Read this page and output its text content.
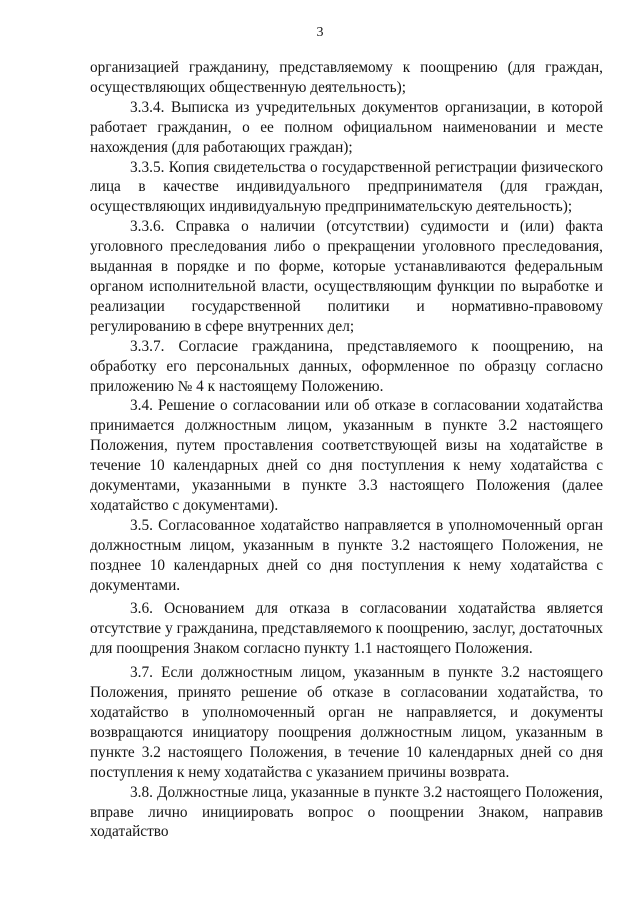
3

организацией гражданину, представляемому к поощрению (для граждан, осуществляющих общественную деятельность);

3.3.4. Выписка из учредительных документов организации, в которой работает гражданин, о ее полном официальном наименовании и месте нахождения (для работающих граждан);

3.3.5. Копия свидетельства о государственной регистрации физического лица в качестве индивидуального предпринимателя (для граждан, осуществляющих индивидуальную предпринимательскую деятельность);

3.3.6. Справка о наличии (отсутствии) судимости и (или) факта уголовного преследования либо о прекращении уголовного преследования, выданная в порядке и по форме, которые устанавливаются федеральным органом исполнительной власти, осуществляющим функции по выработке и реализации государственной политики и нормативно-правовому регулированию в сфере внутренних дел;

3.3.7. Согласие гражданина, представляемого к поощрению, на обработку его персональных данных, оформленное по образцу согласно приложению № 4 к настоящему Положению.

3.4. Решение о согласовании или об отказе в согласовании ходатайства принимается должностным лицом, указанным в пункте 3.2 настоящего Положения, путем проставления соответствующей визы на ходатайстве в течение 10 календарных дней со дня поступления к нему ходатайства с документами, указанными в пункте 3.3 настоящего Положения (далее ходатайство с документами).

3.5. Согласованное ходатайство направляется в уполномоченный орган должностным лицом, указанным в пункте 3.2 настоящего Положения, не позднее 10 календарных дней со дня поступления к нему ходатайства с документами.

3.6. Основанием для отказа в согласовании ходатайства является отсутствие у гражданина, представляемого к поощрению, заслуг, достаточных для поощрения Знаком согласно пункту 1.1 настоящего Положения.

3.7. Если должностным лицом, указанным в пункте 3.2 настоящего Положения, принято решение об отказе в согласовании ходатайства, то ходатайство в уполномоченный орган не направляется, и документы возвращаются инициатору поощрения должностным лицом, указанным в пункте 3.2 настоящего Положения, в течение 10 календарных дней со дня поступления к нему ходатайства с указанием причины возврата.

3.8. Должностные лица, указанные в пункте 3.2 настоящего Положения, вправе лично инициировать вопрос о поощрении Знаком, направив ходатайство
